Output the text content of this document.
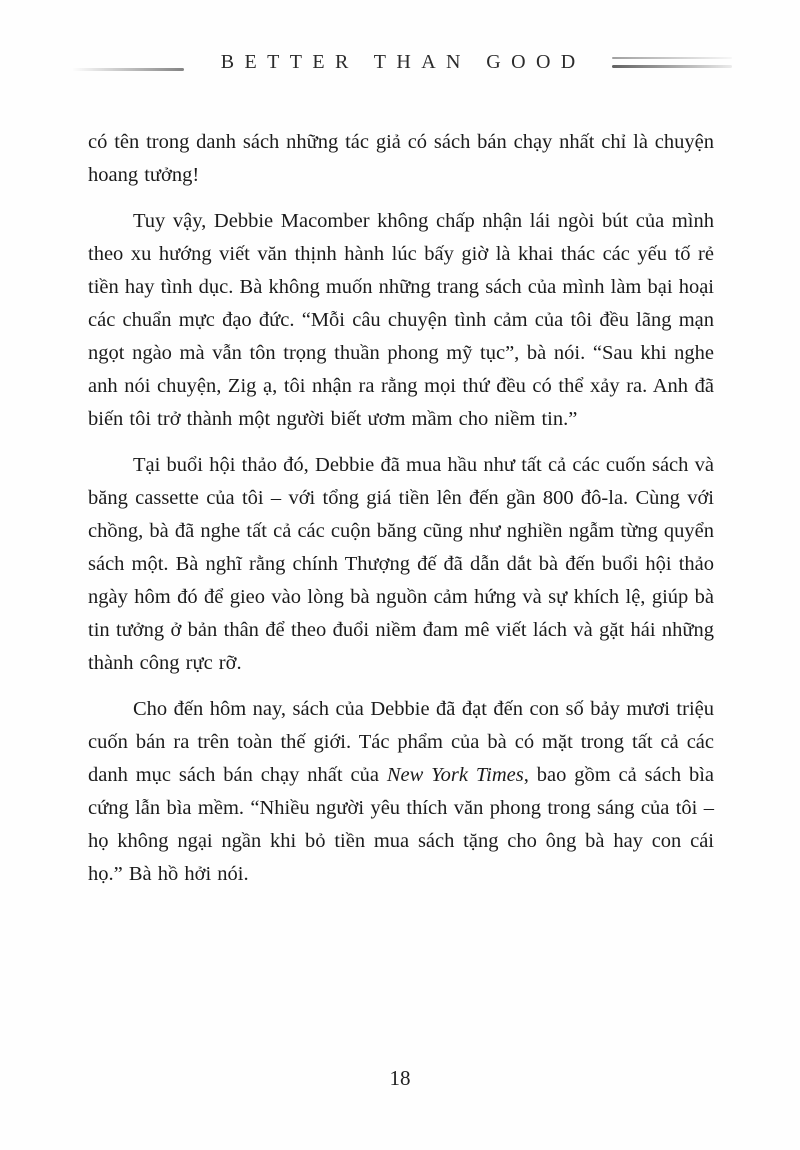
BETTER THAN GOOD

có tên trong danh sách những tác giả có sách bán chạy nhất chỉ là chuyện hoang tưởng!

Tuy vậy, Debbie Macomber không chấp nhận lái ngòi bút của mình theo xu hướng viết văn thịnh hành lúc bấy giờ là khai thác các yếu tố rẻ tiền hay tình dục. Bà không muốn những trang sách của mình làm bại hoại các chuẩn mực đạo đức. “Mỗi câu chuyện tình cảm của tôi đều lãng mạn ngọt ngào mà vẫn tôn trọng thuần phong mỹ tục”, bà nói. “Sau khi nghe anh nói chuyện, Zig ạ, tôi nhận ra rằng mọi thứ đều có thể xảy ra. Anh đã biến tôi trở thành một người biết ươm mầm cho niềm tin.”

Tại buổi hội thảo đó, Debbie đã mua hầu như tất cả các cuốn sách và băng cassette của tôi – với tổng giá tiền lên đến gần 800 đô-la. Cùng với chồng, bà đã nghe tất cả các cuộn băng cũng như nghiền ngẫm từng quyển sách một. Bà nghĩ rằng chính Thượng đế đã dẫn dắt bà đến buổi hội thảo ngày hôm đó để gieo vào lòng bà nguồn cảm hứng và sự khích lệ, giúp bà tin tưởng ở bản thân để theo đuổi niềm đam mê viết lách và gặt hái những thành công rực rỡ.

Cho đến hôm nay, sách của Debbie đã đạt đến con số bảy mươi triệu cuốn bán ra trên toàn thế giới. Tác phẩm của bà có mặt trong tất cả các danh mục sách bán chạy nhất của New York Times, bao gồm cả sách bìa cứng lẫn bìa mềm. “Nhiều người yêu thích văn phong trong sáng của tôi – họ không ngại ngần khi bỏ tiền mua sách tặng cho ông bà hay con cái họ.” Bà hồ hởi nói.

18
